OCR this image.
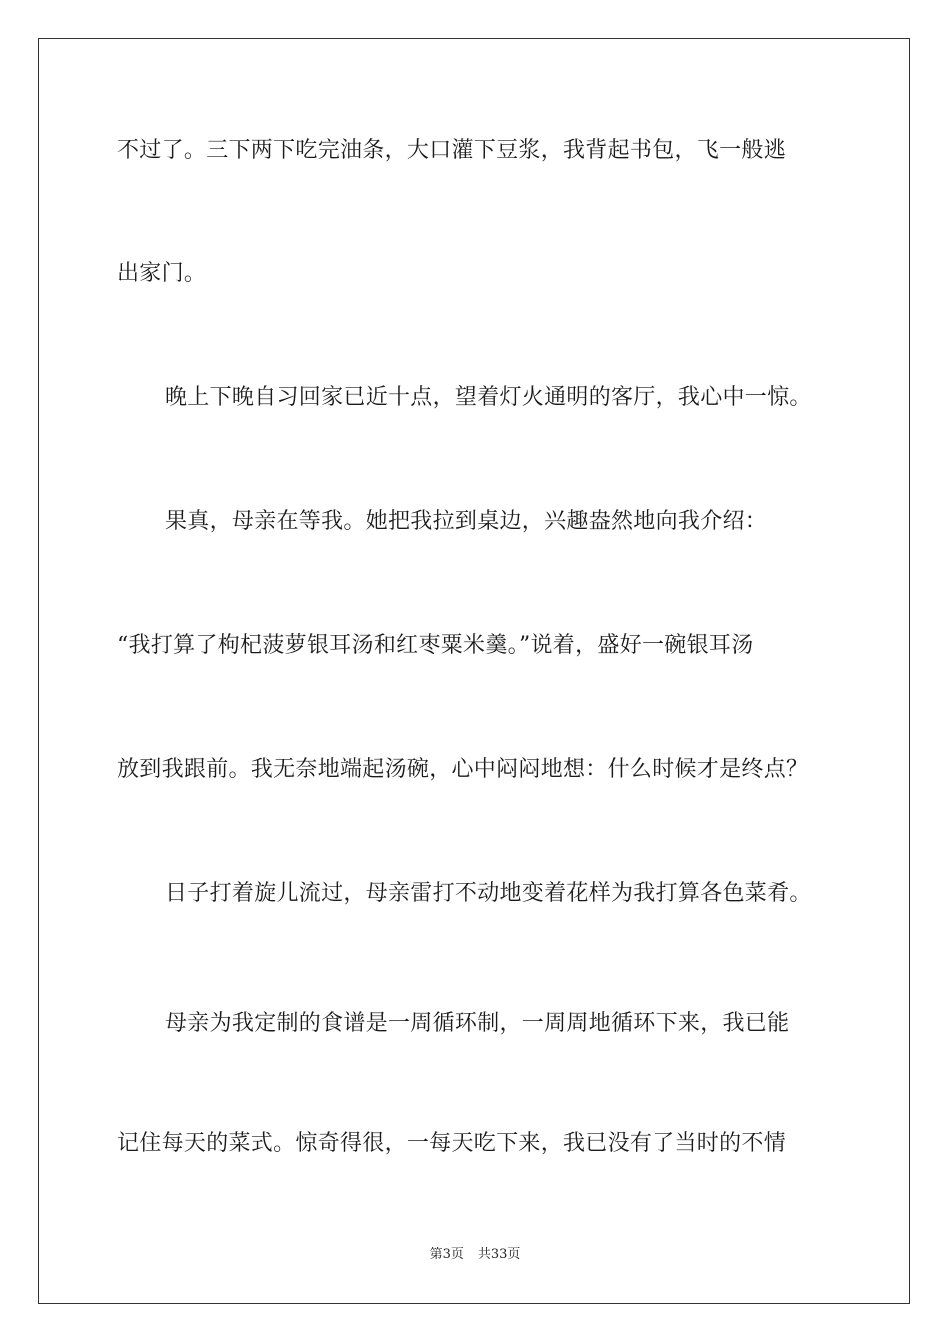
不过了。三下两下吃完油条，大口灌下豆浆，我背起书包，飞一般逃
出家门。
晚上下晚自习回家已近十点，望着灯火通明的客厅，我心中一惊。
果真，母亲在等我。她把我拉到桌边，兴趣盎然地向我介绍：
“我打算了枸杞菠萝银耳汤和红枣粟米羹。”说着，盛好一碗银耳汤
放到我跟前。我无奈地端起汤碗，心中闷闷地想：什么时候才是终点？
日子打着旋儿流过，母亲雷打不动地变着花样为我打算各色菜肴。
母亲为我定制的食谱是一周循环制，一周周地循环下来，我已能
记住每天的菜式。惊奇得很，一每天吃下来，我已没有了当时的不情
第3页 共33页
